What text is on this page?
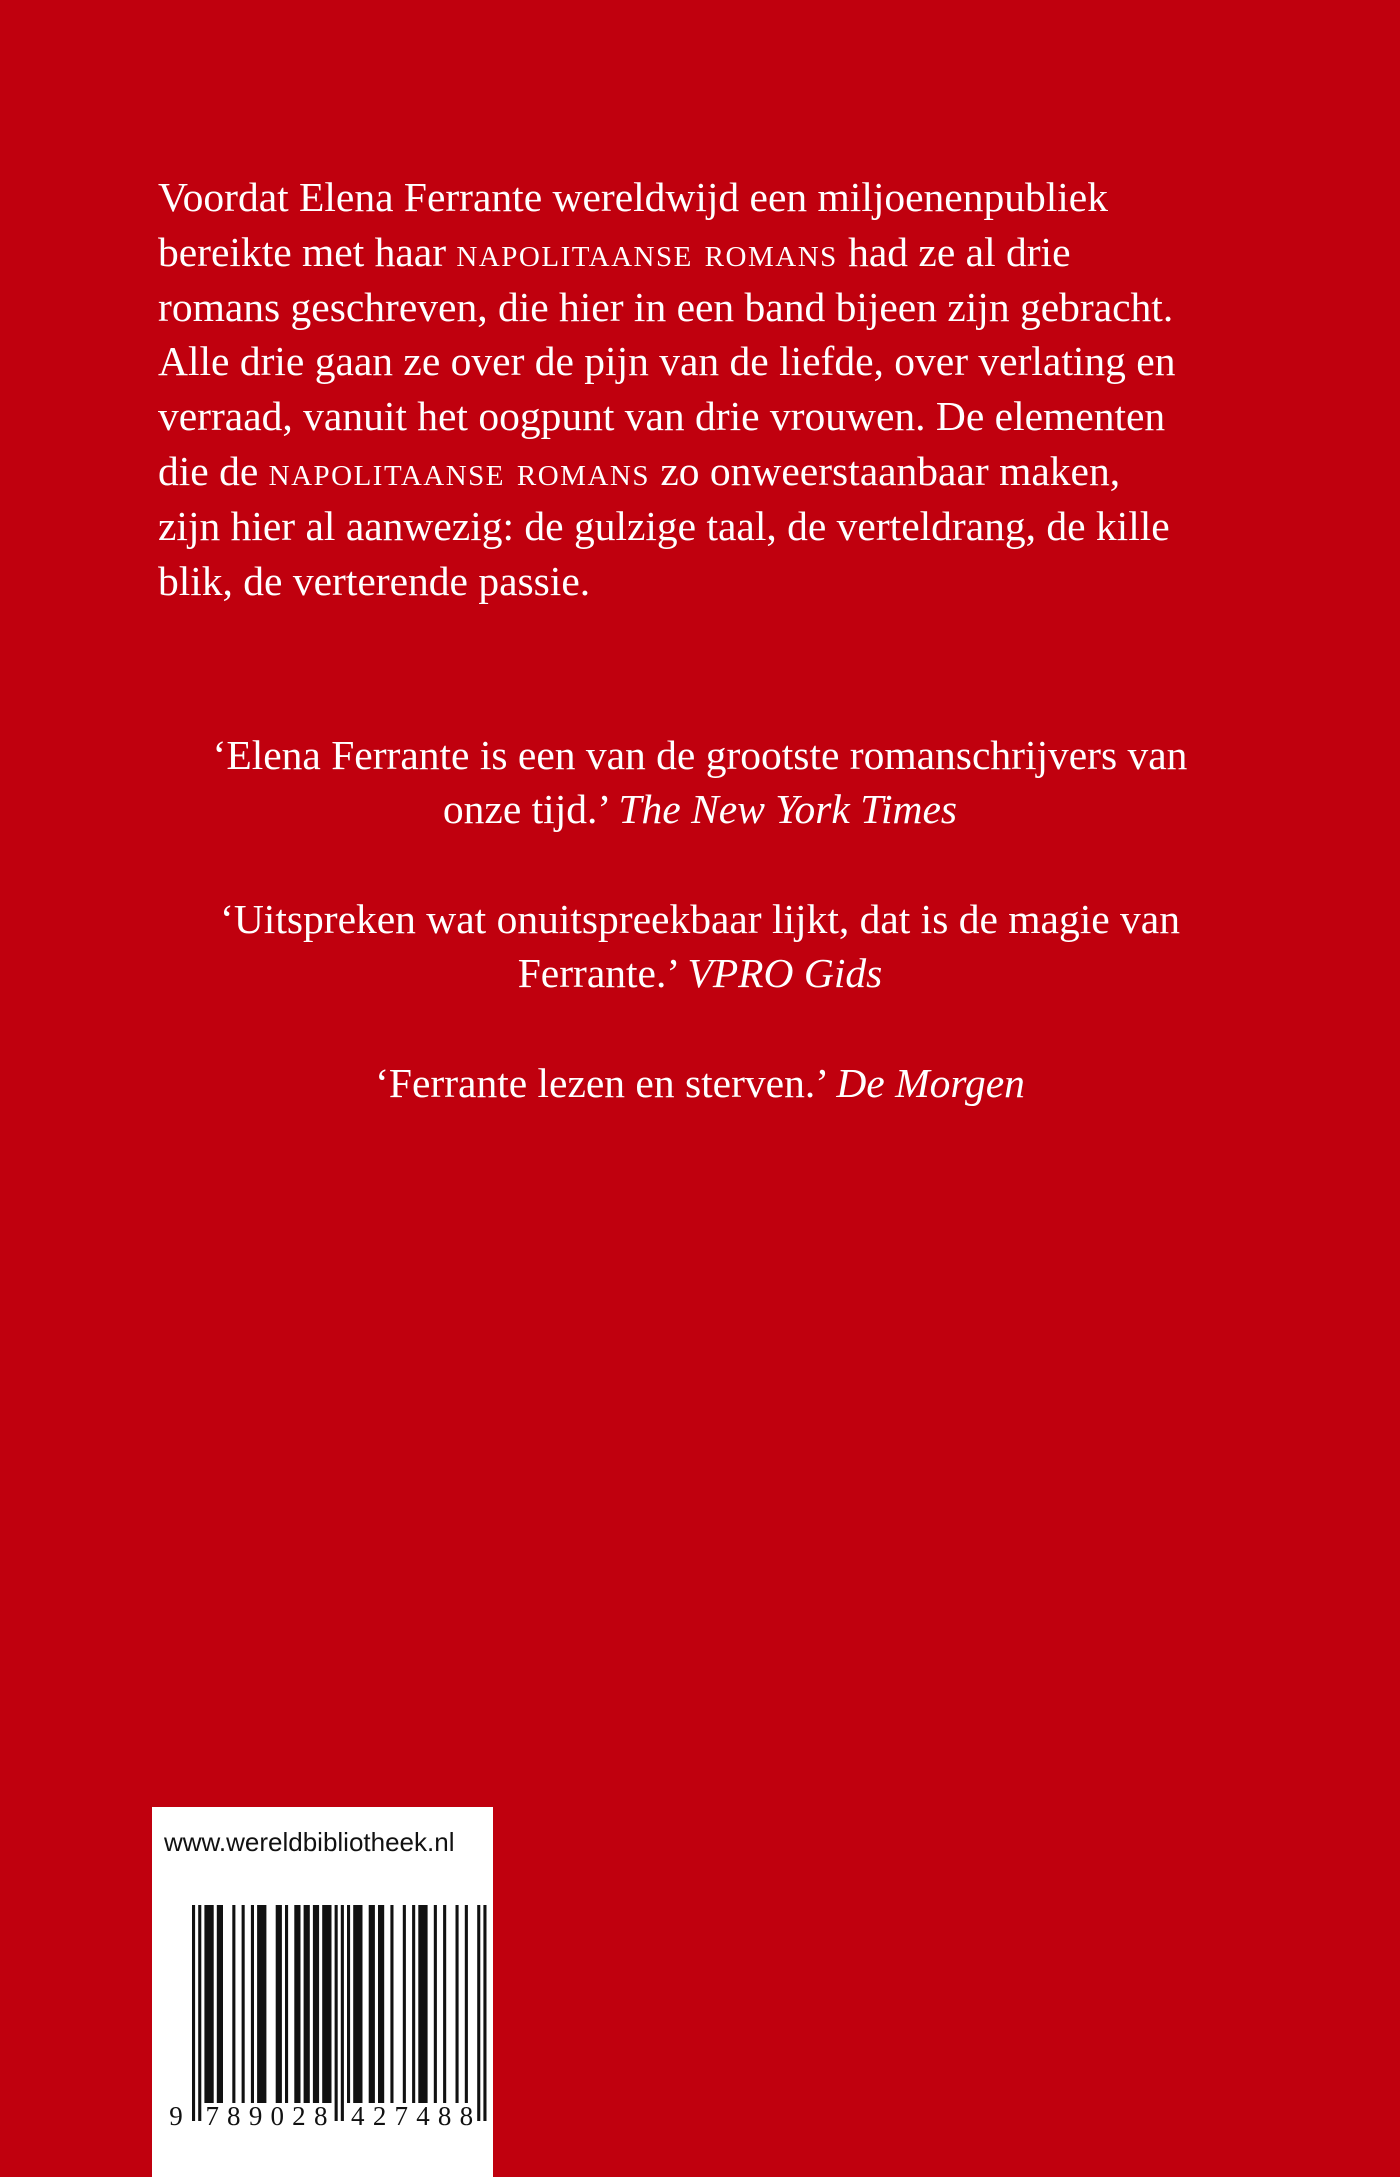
Voordat Elena Ferrante wereldwijd een miljoenenpubliek
bereikte met haar napolitaanse romans had ze al drie
romans geschreven, die hier in een band bijeen zijn gebracht.
Alle drie gaan ze over de pijn van de liefde, over verlating en
verraad, vanuit het oogpunt van drie vrouwen. De elementen
die de napolitaanse romans zo onweerstaanbaar maken,
zijn hier al aanwezig: de gulzige taal, de verteldrang, de kille
blik, de verterende passie.
‘Elena Ferrante is een van de grootste romanschrijvers van
onze tijd.’ The New York Times
‘Uitspreken wat onuitspreekbaar lijkt, dat is de magie van
Ferrante.’ VPRO Gids
‘Ferrante lezen en sterven.’ De Morgen
www.wereldbibliotheek.nl
9 7 8 9 0 2 8 4 2 7 4 8 8
